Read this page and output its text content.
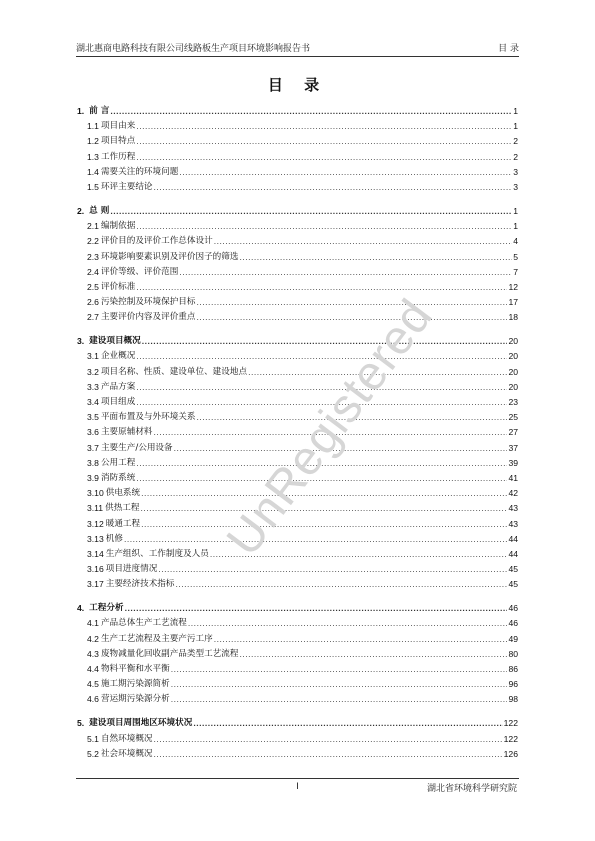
湖北惠商电路科技有限公司线路板生产项目环境影响报告书	目 录
目 录
1. 前 言 .....	1
1.1 项目由来 .....	1
1.2 项目特点 .....	2
1.3 工作历程 .....	2
1.4 需要关注的环境问题 .....	3
1.5 环评主要结论 .....	3
2. 总 则 .....	1
2.1 编制依据 .....	1
2.2 评价目的及评价工作总体设计 .....	4
2.3 环境影响要素识别及评价因子的筛选 .....	5
2.4 评价等级、评价范围 .....	7
2.5 评价标准 .....	12
2.6 污染控制及环境保护目标 .....	17
2.7 主要评价内容及评价重点 .....	18
3. 建设项目概况 .....	20
3.1 企业概况 .....	20
3.2 项目名称、性质、建设单位、建设地点 .....	20
3.3 产品方案 .....	20
3.4 项目组成 .....	23
3.5 平面布置及与外环境关系 .....	25
3.6 主要原辅材料 .....	27
3.7 主要生产/公用设备 .....	37
3.8 公用工程 .....	39
3.9 消防系统 .....	41
3.10 供电系统 .....	42
3.11 供热工程 .....	43
3.12 暖通工程 .....	43
3.13 机修 .....	44
3.14 生产组织、工作制度及人员 .....	44
3.16 项目进度情况 .....	45
3.17 主要经济技术指标 .....	45
4. 工程分析 .....	46
4.1 产品总体生产工艺流程 .....	46
4.2 生产工艺流程及主要产污工序 .....	49
4.3 废物减量化回收副产品类型工艺流程 .....	80
4.4 物料平衡和水平衡 .....	86
4.5 施工期污染源简析 .....	96
4.6 营运期污染源分析 .....	98
5. 建设项目周围地区环境状况 .....	122
5.1 自然环境概况 .....	122
5.2 社会环境概况 .....	126
UnRegistered
I	湖北省环境科学研究院
